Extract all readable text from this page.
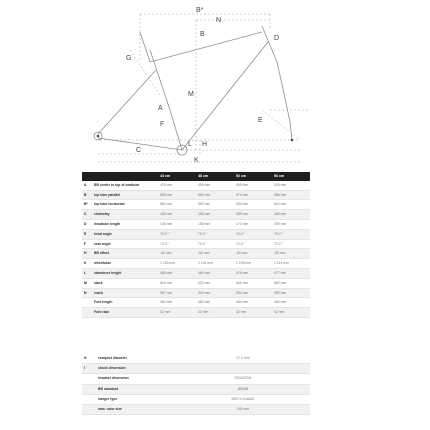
B*
N
B
D
G
M
A
F
E
H
C
L
K
		44 cm	48 cm	52 cm	56 cm
A	BB center to top of seattube	415 mm	455 mm	495 mm	535 mm
B	top tube parallel	558 mm	565 mm	574 mm	586 mm
B*	top tube horizontal	580 mm	590 mm	600 mm	610 mm
C	chainstay	465 mm	465 mm	465 mm	465 mm
D	headtube length	145 mm	155 mm	170 mm	190 mm
E	head angle	70.0 °	70.0 °	70.0 °	70.0 °
F	seat angle	73.0 °	72.0 °	72.0 °	72.0 °
H	BB offset	-60 mm	-60 mm	-60 mm	-60 mm
K	wheelbase	1 100 mm	1 104 mm	1 109 mm	1 114 mm
L	standover height	486 mm	484 mm	476 mm	477 mm
M	stack	618 mm	624 mm	641 mm	660 mm
N	reach	387 mm	394 mm	392 mm	395 mm
	Fork length	464 mm	464 mm	464 mm	464 mm
	Fork rake	42 mm	42 mm	42 mm	42 mm
G	seatpost diameter	27.2 mm
I	shock dimension	
	headset dimension	ZS44/ZS44
	BB standard	BSA68
	hanger type	BGH-H-KA6AE
	max. rotor size	180 mm
